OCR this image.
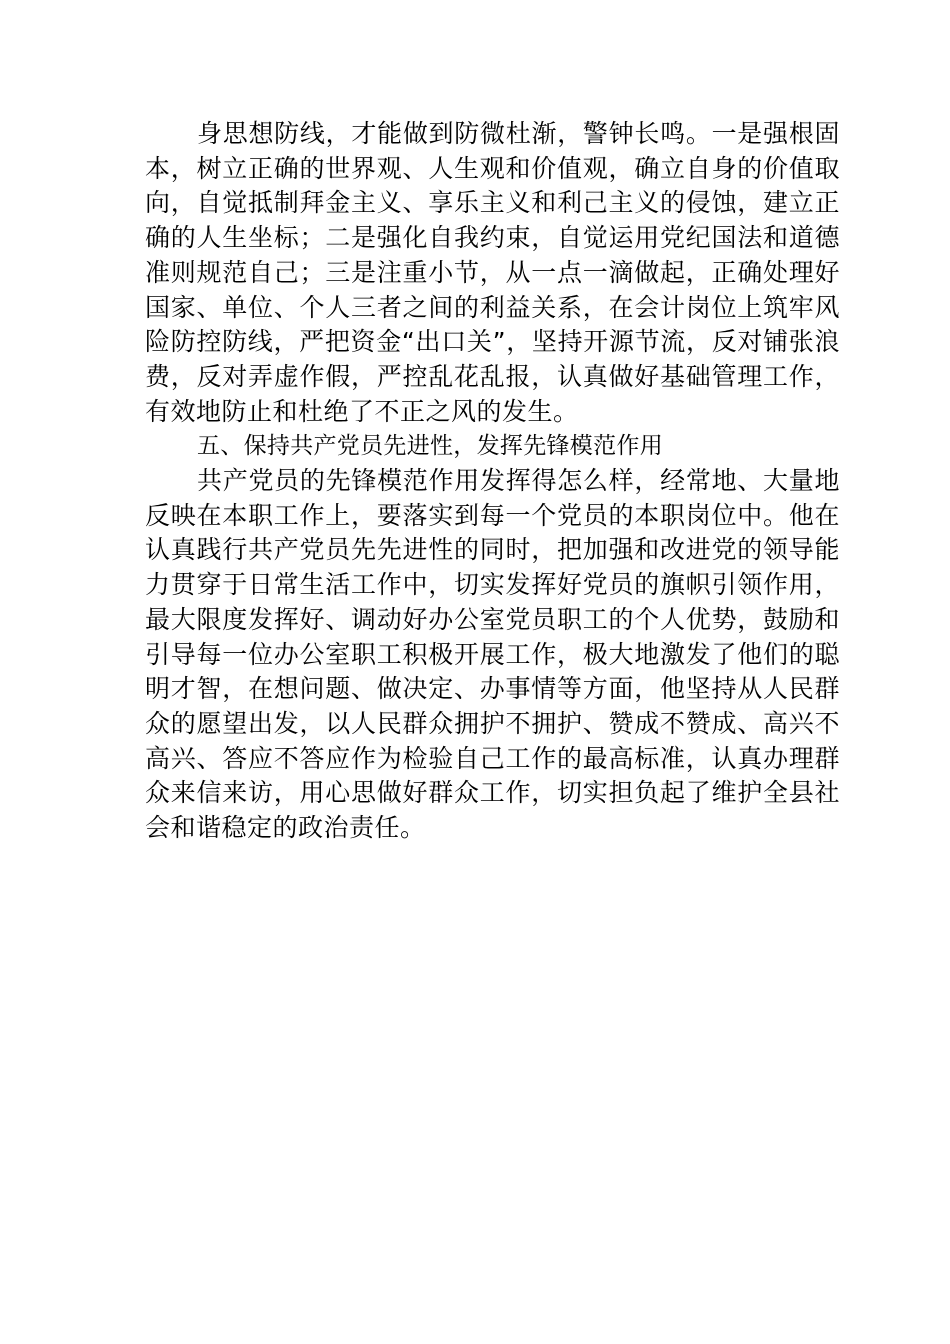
身思想防线，才能做到防微杜渐，警钟长鸣。一是强根固本，树立正确的世界观、人生观和价值观，确立自身的价值取向，自觉抵制拜金主义、享乐主义和利己主义的侵蚀，建立正确的人生坐标；二是强化自我约束，自觉运用党纪国法和道德准则规范自己；三是注重小节，从一点一滴做起，正确处理好国家、单位、个人三者之间的利益关系，在会计岗位上筑牢风险防控防线，严把资金“出口关”，坚持开源节流，反对铺张浪费，反对弄虚作假，严控乱花乱报，认真做好基础管理工作，有效地防止和杜绝了不正之风的发生。

五、保持共产党员先进性，发挥先锋模范作用

共产党员的先锋模范作用发挥得怎么样，经常地、大量地反映在本职工作上，要落实到每一个党员的本职岗位中。他在认真践行共产党员先先进性的同时，把加强和改进党的领导能力贯穿于日常生活工作中，切实发挥好党员的旗帜引领作用，最大限度发挥好、调动好办公室党员职工的个人优势，鼓励和引导每一位办公室职工积极开展工作，极大地激发了他们的聪明才智，在想问题、做决定、办事情等方面，他坚持从人民群众的愿望出发，以人民群众拥护不拥护、赞成不赞成、高兴不高兴、答应不答应作为检验自己工作的最高标准，认真办理群众来信来访，用心思做好群众工作，切实担负起了维护全县社会和谐稳定的政治责任。
